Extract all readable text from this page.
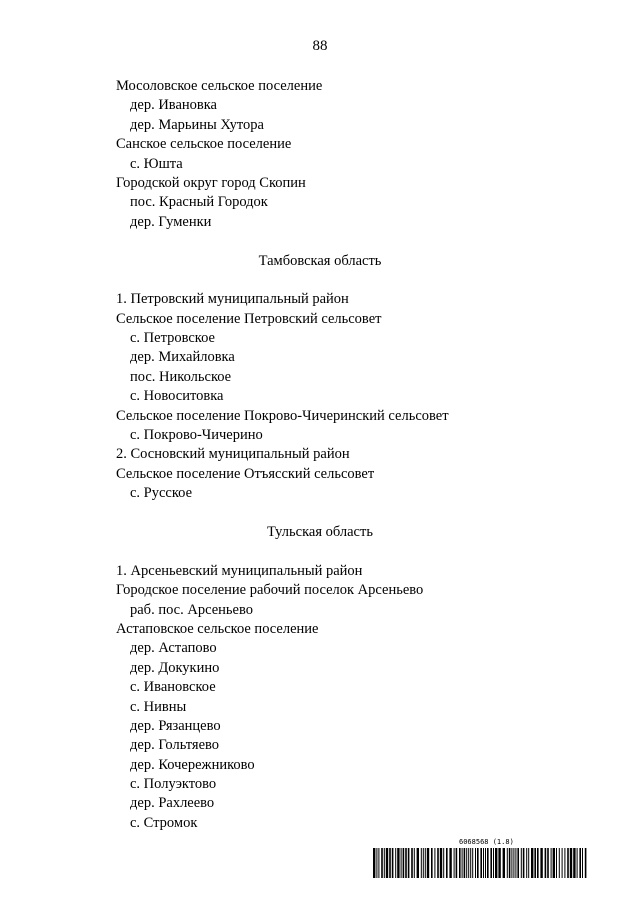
88
Мосоловское сельское поселение
дер. Ивановка
дер. Марьины Хутора
Санское сельское поселение
с. Юшта
Городской округ город Скопин
пос. Красный Городок
дер. Гуменки
Тамбовская область
1. Петровский муниципальный район
Сельское поселение Петровский сельсовет
с. Петровское
дер. Михайловка
пос. Никольское
с. Новоситовка
Сельское поселение Покрово-Чичеринский сельсовет
с. Покрово-Чичерино
2. Сосновский муниципальный район
Сельское поселение Отъясский сельсовет
с. Русское
Тульская область
1. Арсеньевский муниципальный район
Городское поселение рабочий поселок Арсеньево
раб. пос. Арсеньево
Астаповское сельское поселение
дер. Астапово
дер. Докукино
с. Ивановское
с. Нивны
дер. Рязанцево
дер. Гольтяево
дер. Кочережниково
с. Полуэктово
дер. Рахлеево
с. Стромок
6068568 (1.8)
